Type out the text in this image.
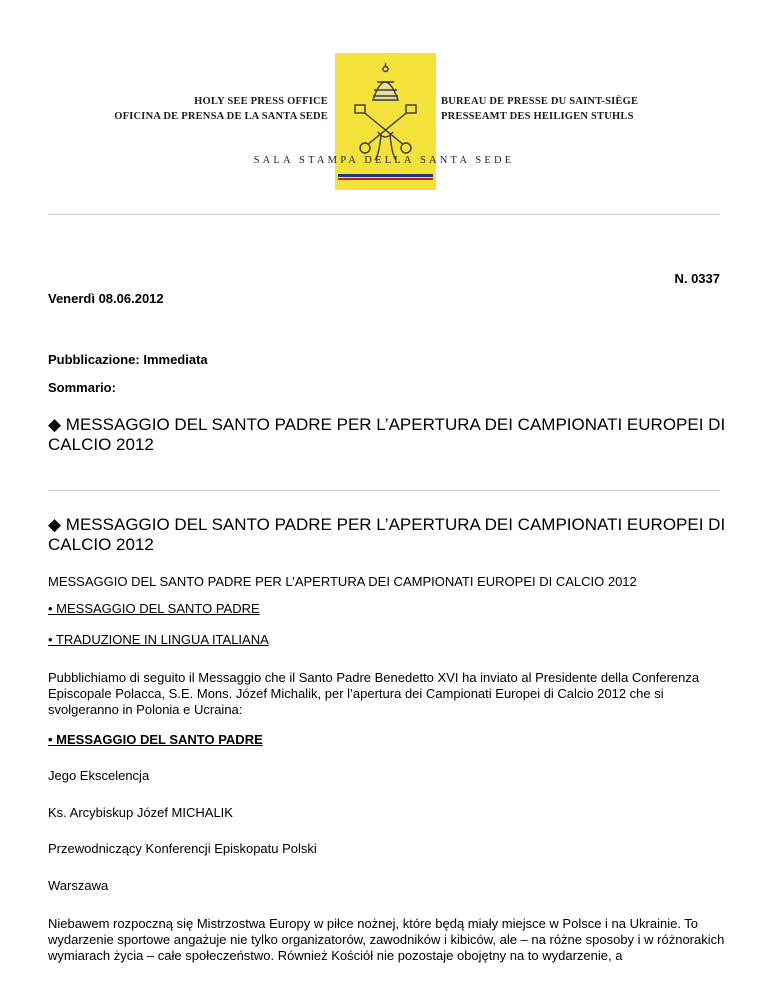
HOLY SEE PRESS OFFICE
OFICINA DE PRENSA DE LA SANTA SEDE
BUREAU DE PRESSE DU SAINT-SIÈGE
PRESSEAMT DES HEILIGEN STUHLS
SALA STAMPA DELLA SANTA SEDE
N. 0337
Venerdì 08.06.2012
Pubblicazione: Immediata
Sommario:
◆ MESSAGGIO DEL SANTO PADRE PER L’APERTURA DEI CAMPIONATI EUROPEI DI CALCIO 2012
◆ MESSAGGIO DEL SANTO PADRE PER L’APERTURA DEI CAMPIONATI EUROPEI DI CALCIO 2012
MESSAGGIO DEL SANTO PADRE PER L’APERTURA DEI CAMPIONATI EUROPEI DI CALCIO 2012
• MESSAGGIO DEL SANTO PADRE
• TRADUZIONE IN LINGUA ITALIANA
Pubblichiamo di seguito il Messaggio che il Santo Padre Benedetto XVI ha inviato al Presidente della Conferenza Episcopale Polacca, S.E. Mons. Józef Michalik, per l’apertura dei Campionati Europei di Calcio 2012 che si svolgeranno in Polonia e Ucraina:
• MESSAGGIO DEL SANTO PADRE
Jego Ekscelencja
Ks. Arcybiskup Józef MICHALIK
Przewodniczący Konferencji Episkopatu Polski
Warszawa
Niebawem rozpoczną się Mistrzostwa Europy w piłce nożnej, które będą miały miejsce w Polsce i na Ukrainie. To wydarzenie sportowe angażuje nie tylko organizatorów, zawodników i kibiców, ale – na różne sposoby i w różnorakich wymiarach życia – całe społeczeństwo. Również Kościół nie pozostaje obojętny na to wydarzenie, a
